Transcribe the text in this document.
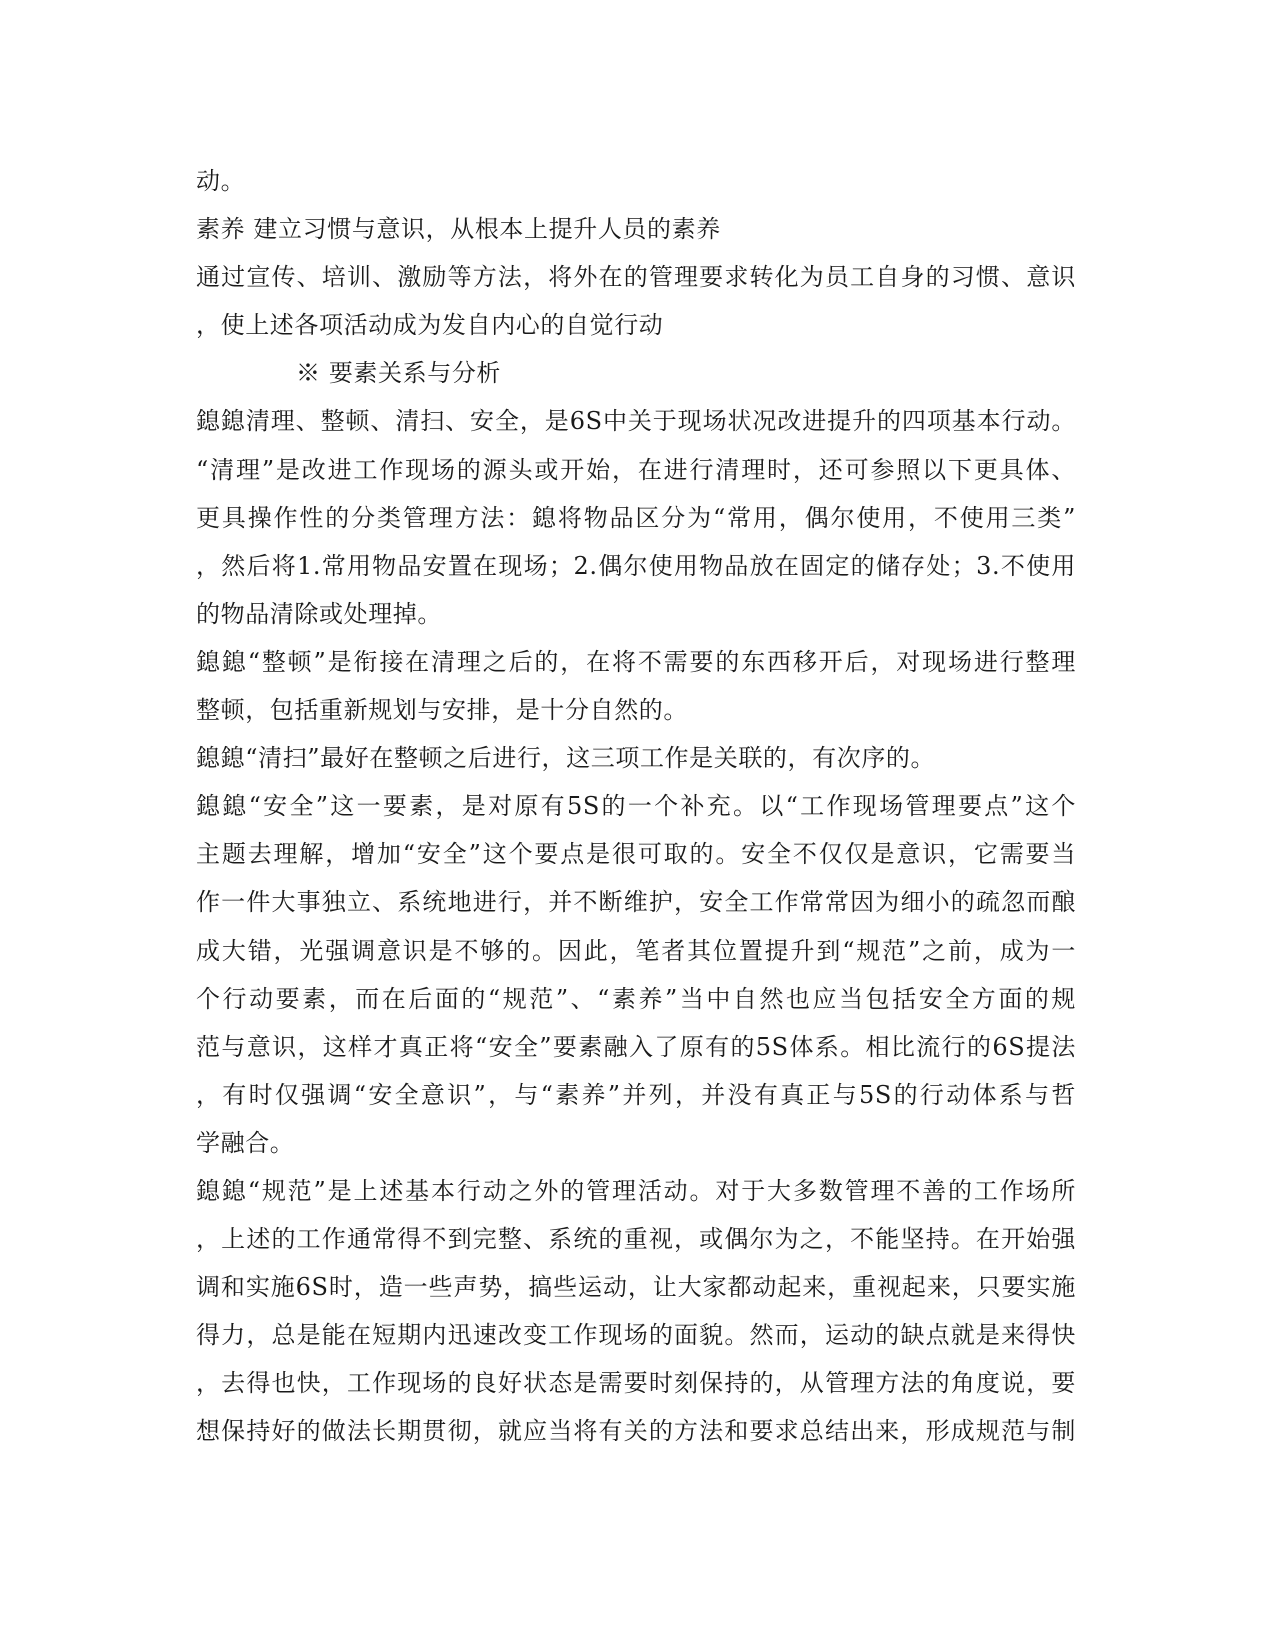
动。
素养 建立习惯与意识，从根本上提升人员的素养
通过宣传、培训、激励等方法，将外在的管理要求转化为员工自身的习惯、意识
，使上述各项活动成为发自内心的自觉行动
※ 要素关系与分析
鎴鎴清理、整顿、清扫、安全，是6S中关于现场状况改进提升的四项基本行动。
“清理”是改进工作现场的源头或开始，在进行清理时，还可参照以下更具体、
更具操作性的分类管理方法：鎴将物品区分为“常用，偶尔使用，不使用三类”
，然后将1.常用物品安置在现场；2.偶尔使用物品放在固定的储存处；3.不使用
的物品清除或处理掉。
鎴鎴“整顿”是衔接在清理之后的，在将不需要的东西移开后，对现场进行整理
整顿，包括重新规划与安排，是十分自然的。
鎴鎴“清扫”最好在整顿之后进行，这三项工作是关联的，有次序的。
鎴鎴“安全”这一要素，是对原有5S的一个补充。以“工作现场管理要点”这个
主题去理解，增加“安全”这个要点是很可取的。安全不仅仅是意识，它需要当
作一件大事独立、系统地进行，并不断维护，安全工作常常因为细小的疏忽而酿
成大错，光强调意识是不够的。因此，笔者其位置提升到“规范”之前，成为一
个行动要素，而在后面的“规范”、“素养”当中自然也应当包括安全方面的规
范与意识，这样才真正将“安全”要素融入了原有的5S体系。相比流行的6S提法
，有时仅强调“安全意识”，与“素养”并列，并没有真正与5S的行动体系与哲
学融合。
鎴鎴“规范”是上述基本行动之外的管理活动。对于大多数管理不善的工作场所
，上述的工作通常得不到完整、系统的重视，或偶尔为之，不能坚持。在开始强
调和实施6S时，造一些声势，搞些运动，让大家都动起来，重视起来，只要实施
得力，总是能在短期内迅速改变工作现场的面貌。然而，运动的缺点就是来得快
，去得也快，工作现场的良好状态是需要时刻保持的，从管理方法的角度说，要
想保持好的做法长期贯彻，就应当将有关的方法和要求总结出来，形成规范与制
